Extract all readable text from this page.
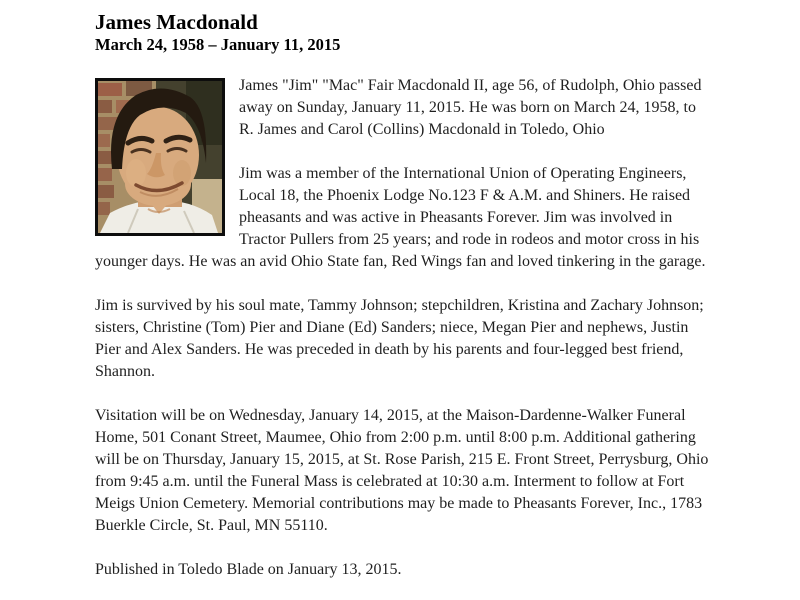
James Macdonald
March 24, 1958 – January 11, 2015

James "Jim" "Mac" Fair Macdonald II, age 56, of Rudolph, Ohio passed away on Sunday, January 11, 2015. He was born on March 24, 1958, to R. James and Carol (Collins) Macdonald in Toledo, Ohio

Jim was a member of the International Union of Operating Engineers, Local 18, the Phoenix Lodge No.123 F & A.M. and Shiners. He raised pheasants and was active in Pheasants Forever. Jim was involved in Tractor Pullers from 25 years; and rode in rodeos and motor cross in his younger days. He was an avid Ohio State fan, Red Wings fan and loved tinkering in the garage.

Jim is survived by his soul mate, Tammy Johnson; stepchildren, Kristina and Zachary Johnson; sisters, Christine (Tom) Pier and Diane (Ed) Sanders; niece, Megan Pier and nephews, Justin Pier and Alex Sanders. He was preceded in death by his parents and four-legged best friend, Shannon.

Visitation will be on Wednesday, January 14, 2015, at the Maison-Dardenne-Walker Funeral Home, 501 Conant Street, Maumee, Ohio from 2:00 p.m. until 8:00 p.m. Additional gathering will be on Thursday, January 15, 2015, at St. Rose Parish, 215 E. Front Street, Perrysburg, Ohio from 9:45 a.m. until the Funeral Mass is celebrated at 10:30 a.m. Interment to follow at Fort Meigs Union Cemetery. Memorial contributions may be made to Pheasants Forever, Inc., 1783 Buerkle Circle, St. Paul, MN 55110.

Published in Toledo Blade on January 13, 2015.
